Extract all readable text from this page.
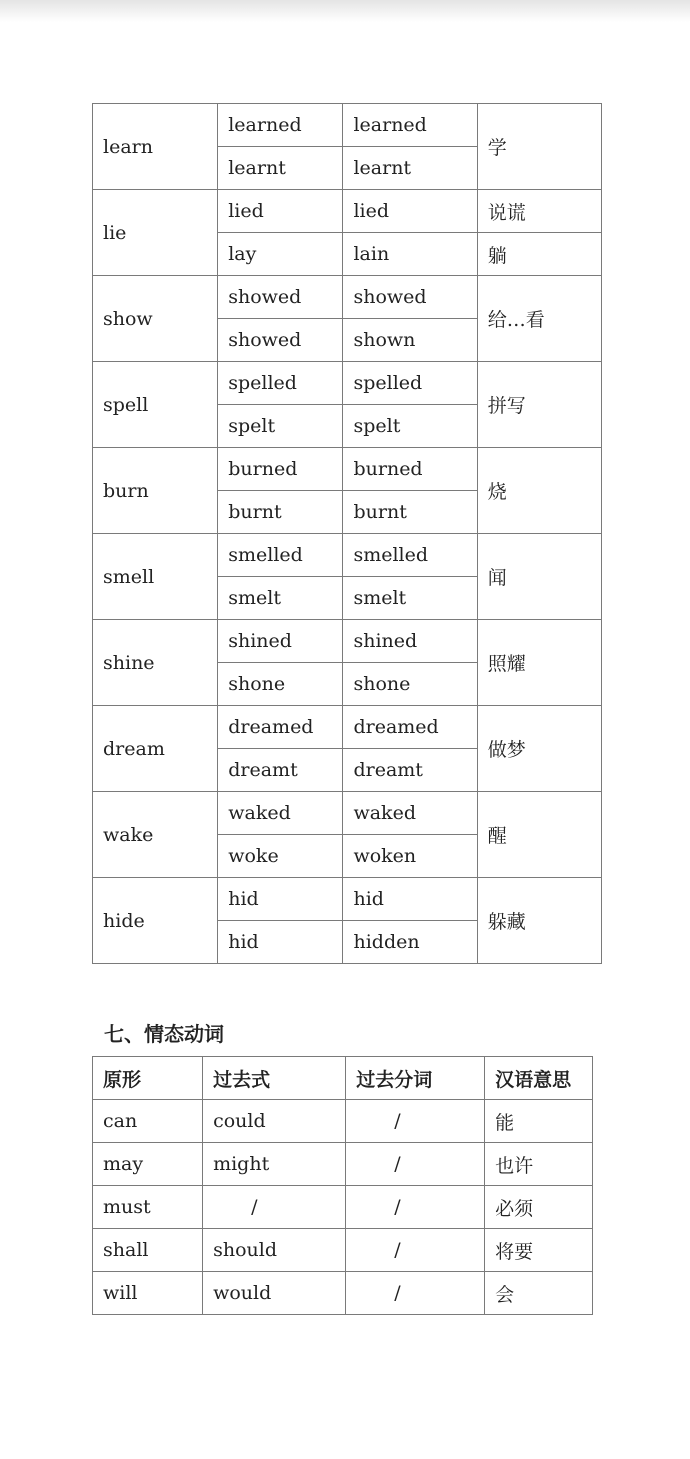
learn	learned	learned	学
	learnt	learnt	
lie	lied	lied	说谎
	lay	lain	躺
show	showed	showed	给…看
	showed	shown	
spell	spelled	spelled	拼写
	spelt	spelt	
burn	burned	burned	烧
	burnt	burnt	
smell	smelled	smelled	闻
	smelt	smelt	
shine	shined	shined	照耀
	shone	shone	
dream	dreamed	dreamed	做梦
	dreamt	dreamt	
wake	waked	waked	醒
	woke	woken	
hide	hid	hid	躲藏
	hid	hidden	
七、情态动词
原形	过去式	过去分词	汉语意思
can	could	/	能
may	might	/	也许
must	/	/	必须
shall	should	/	将要
will	would	/	会
